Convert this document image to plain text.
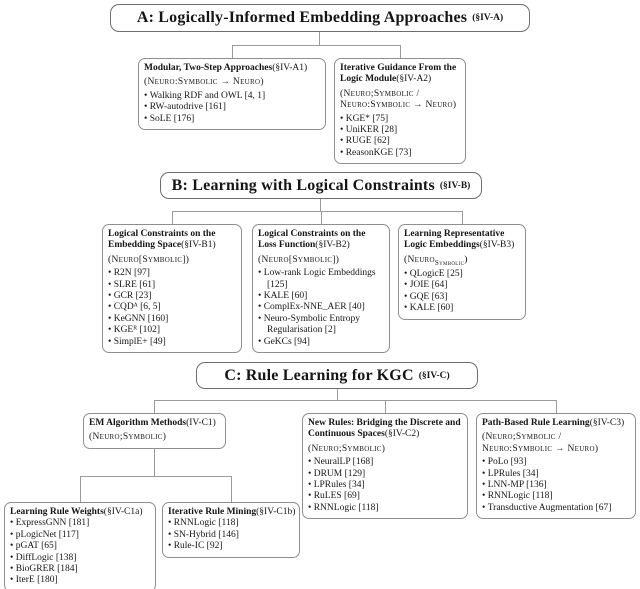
A: Logically-Informed Embedding Approaches (§IV-A)
Modular, Two-Step Approaches(§IV-A1)
(Neuro:Symbolic → Neuro)
• Walking RDF and OWL [4, 1]
• RW-autodrive [161]
• SoLE [176]
Iterative Guidance From the Logic Module(§IV-A2)
(Neuro;Symbolic / Neuro:Symbolic → Neuro)
• KGE* [75]
• UniKER [28]
• RUGE [62]
• ReasonKGE [73]
B: Learning with Logical Constraints (§IV-B)
Logical Constraints on the Embedding Space(§IV-B1)
(Neuro[Symbolic])
• R2N [97]
• SLRE [61]
• GCR [23]
• CQDᴬ [6, 5]
• KeGNN [160]
• KGEᴿ [102]
• SimplE+ [49]
Logical Constraints on the Loss Function(§IV-B2)
(Neuro[Symbolic])
• Low-rank Logic Embeddings [125]
• KALE [60]
• ComplEx-NNE_AER [40]
• Neuro-Symbolic Entropy Regularisation [2]
• GeKCs [94]
Learning Representative Logic Embeddings(§IV-B3)
(Neuro$_{Symbolic}$)
• QLogicE [25]
• JOIE [64]
• GQE [63]
• KALE [60]
C: Rule Learning for KGC (§IV-C)
EM Algorithm Methods(IV-C1)
(Neuro;Symbolic)
New Rules: Bridging the Discrete and Continuous Spaces(§IV-C2)
(Neuro;Symbolic)
• NeuralLP [168]
• DRUM [129]
• LPRules [34]
• RuLES [69]
• RNNLogic [118]
Path-Based Rule Learning(§IV-C3)
(Neuro;Symbolic / Neuro:Symbolic → Neuro)
• PoLo [93]
• LPRules [34]
• LNN-MP [136]
• RNNLogic [118]
• Transductive Augmentation [67]
Learning Rule Weights(§IV-C1a)
• ExpressGNN [181]
• pLogicNet [117]
• pGAT [65]
• DiffLogic [138]
• BioGRER [184]
• IterE [180]
Iterative Rule Mining(§IV-C1b)
• RNNLogic [118]
• SN-Hybrid [146]
• Rule-IC [92]
